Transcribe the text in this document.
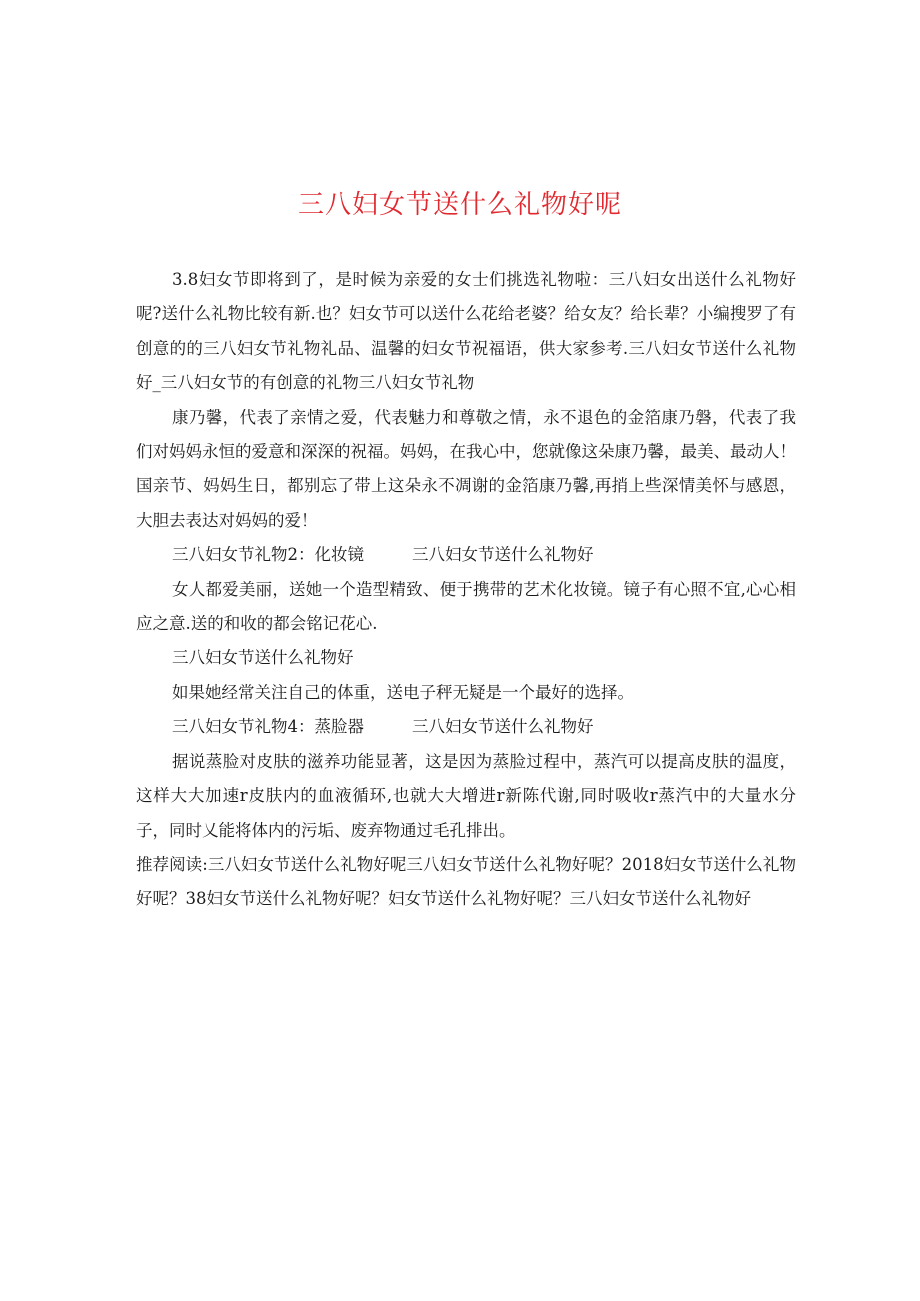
三八妇女节送什么礼物好呢

3.8妇女节即将到了，是时候为亲爱的女士们挑选礼物啦：三八妇女出送什么礼物好呢?送什么礼物比较有新.也？妇女节可以送什么花给老婆？给女友？给长辈？小编搜罗了有创意的的三八妇女节礼物礼品、温馨的妇女节祝福语，供大家参考.三八妇女节送什么礼物好_三八妇女节的有创意的礼物三八妇女节礼物

康乃馨，代表了亲情之爱，代表魅力和尊敬之情，永不退色的金箔康乃磐，代表了我们对妈妈永恒的爱意和深深的祝福。妈妈，在我心中，您就像这朵康乃馨，最美、最动人！国亲节、妈妈生日，都别忘了带上这朵永不凋谢的金箔康乃馨,再捎上些深情美怀与感恩，大胆去表达对妈妈的爱！

三八妇女节礼物2：化妆镜	三八妇女节送什么礼物好

女人都爱美丽，送她一个造型精致、便于携带的艺术化妆镜。镜子有心照不宜,心心相应之意.送的和收的都会铭记花心.

三八妇女节送什么礼物好

如果她经常关注自己的体重，送电子秤无疑是一个最好的选择。

三八妇女节礼物4：蒸脸器	三八妇女节送什么礼物好

据说蒸脸对皮肤的滋养功能显著，这是因为蒸脸过程中，蒸汽可以提高皮肤的温度，这样大大加速r皮肤内的血液循环,也就大大增进r新陈代谢,同时吸收r蒸汽中的大量水分子，同时乂能将体内的污垢、废弃物通过毛孔排出。

推荐阅读:三八妇女节送什么礼物好呢三八妇女节送什么礼物好呢？2018妇女节送什么礼物好呢？38妇女节送什么礼物好呢？妇女节送什么礼物好呢？三八妇女节送什么礼物好
